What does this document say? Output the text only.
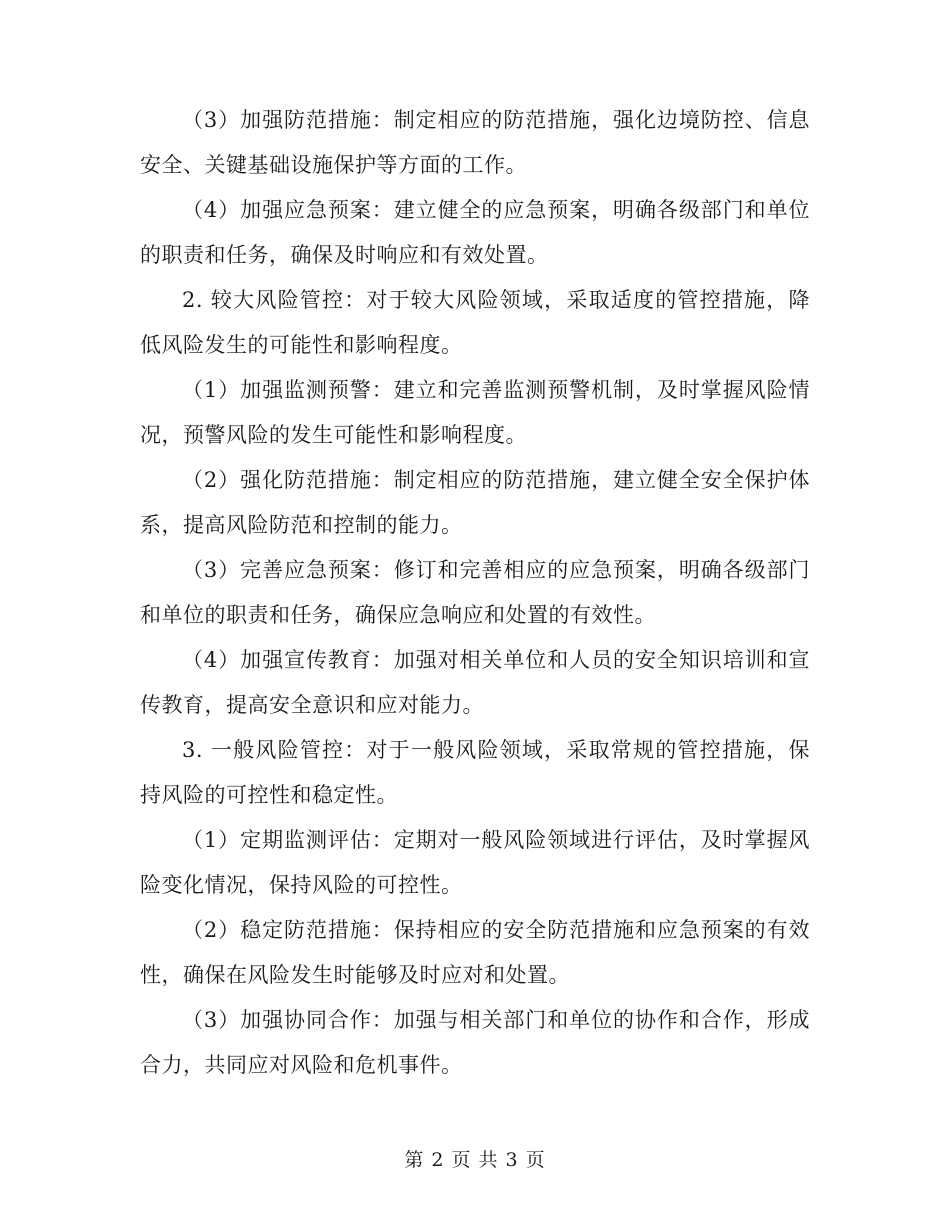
（3）加强防范措施：制定相应的防范措施，强化边境防控、信息安全、关键基础设施保护等方面的工作。

（4）加强应急预案：建立健全的应急预案，明确各级部门和单位的职责和任务，确保及时响应和有效处置。

2. 较大风险管控：对于较大风险领域，采取适度的管控措施，降低风险发生的可能性和影响程度。

（1）加强监测预警：建立和完善监测预警机制，及时掌握风险情况，预警风险的发生可能性和影响程度。

（2）强化防范措施：制定相应的防范措施，建立健全安全保护体系，提高风险防范和控制的能力。

（3）完善应急预案：修订和完善相应的应急预案，明确各级部门和单位的职责和任务，确保应急响应和处置的有效性。

（4）加强宣传教育：加强对相关单位和人员的安全知识培训和宣传教育，提高安全意识和应对能力。

3. 一般风险管控：对于一般风险领域，采取常规的管控措施，保持风险的可控性和稳定性。

（1）定期监测评估：定期对一般风险领域进行评估，及时掌握风险变化情况，保持风险的可控性。

（2）稳定防范措施：保持相应的安全防范措施和应急预案的有效性，确保在风险发生时能够及时应对和处置。

（3）加强协同合作：加强与相关部门和单位的协作和合作，形成合力，共同应对风险和危机事件。

第 2 页 共 3 页
